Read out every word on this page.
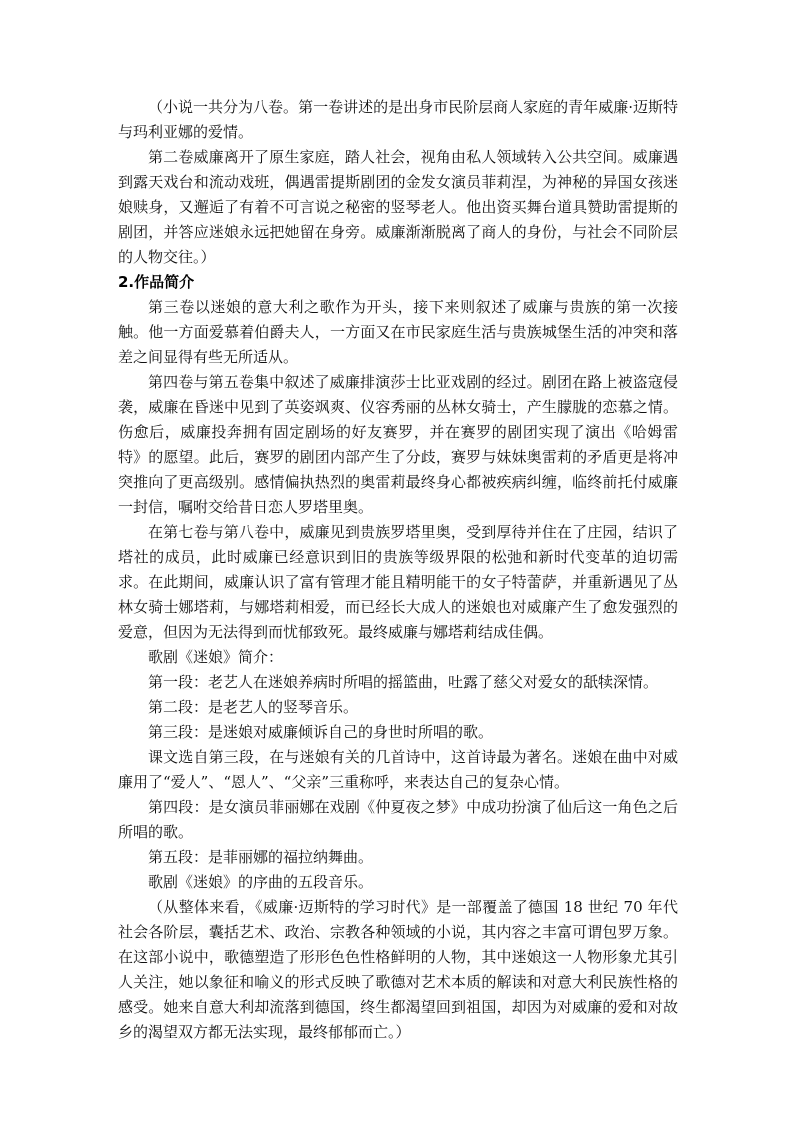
（小说一共分为八卷。第一卷讲述的是出身市民阶层商人家庭的青年威廉·迈斯特与玛利亚娜的爱情。

第二卷威廉离开了原生家庭，踏人社会，视角由私人领域转入公共空间。威廉遇到露天戏台和流动戏班，偶遇雷提斯剧团的金发女演员菲莉涅，为神秘的异国女孩迷娘赎身，又邂逅了有着不可言说之秘密的竖琴老人。他出资买舞台道具赞助雷提斯的剧团，并答应迷娘永远把她留在身旁。威廉渐渐脱离了商人的身份，与社会不同阶层的人物交往。）

2.作品简介

第三卷以迷娘的意大利之歌作为开头，接下来则叙述了威廉与贵族的第一次接触。他一方面爱慕着伯爵夫人，一方面又在市民家庭生活与贵族城堡生活的冲突和落差之间显得有些无所适从。

第四卷与第五卷集中叙述了威廉排演莎士比亚戏剧的经过。剧团在路上被盗寇侵袭，威廉在昏迷中见到了英姿飒爽、仪容秀丽的丛林女骑士，产生朦胧的恋慕之情。伤愈后，威廉投奔拥有固定剧场的好友赛罗，并在赛罗的剧团实现了演出《哈姆雷特》的愿望。此后，赛罗的剧团内部产生了分歧，赛罗与妹妹奥雷莉的矛盾更是将冲突推向了更高级别。感情偏执热烈的奥雷莉最终身心都被疾病纠缠，临终前托付威廉一封信，嘱咐交给昔日恋人罗塔里奥。

在第七卷与第八卷中，威廉见到贵族罗塔里奥，受到厚待并住在了庄园，结识了塔社的成员，此时威廉已经意识到旧的贵族等级界限的松弛和新时代变革的迫切需求。在此期间，威廉认识了富有管理才能且精明能干的女子特蕾萨，并重新遇见了丛林女骑士娜塔莉，与娜塔莉相爱，而已经长大成人的迷娘也对威廉产生了愈发强烈的爱意，但因为无法得到而忧郁致死。最终威廉与娜塔莉结成佳偶。

歌剧《迷娘》简介：

第一段：老艺人在迷娘养病时所唱的摇篮曲，吐露了慈父对爱女的舐犊深情。

第二段：是老艺人的竖琴音乐。

第三段：是迷娘对威廉倾诉自己的身世时所唱的歌。

课文选自第三段，在与迷娘有关的几首诗中，这首诗最为著名。迷娘在曲中对威廉用了“爱人”、“恩人”、“父亲”三重称呼，来表达自己的复杂心情。

第四段：是女演员菲丽娜在戏剧《仲夏夜之梦》中成功扮演了仙后这一角色之后所唱的歌。

第五段：是菲丽娜的福拉纳舞曲。

歌剧《迷娘》的序曲的五段音乐。

（从整体来看，《威廉·迈斯特的学习时代》是一部覆盖了德国 18 世纪 70 年代社会各阶层，囊括艺术、政治、宗教各种领域的小说，其内容之丰富可谓包罗万象。在这部小说中，歌德塑造了形形色色性格鲜明的人物，其中迷娘这一人物形象尤其引人关注，她以象征和喻义的形式反映了歌德对艺术本质的解读和对意大利民族性格的感受。她来自意大利却流落到德国，终生都渴望回到祖国，却因为对威廉的爱和对故乡的渴望双方都无法实现，最终郁郁而亡。）
